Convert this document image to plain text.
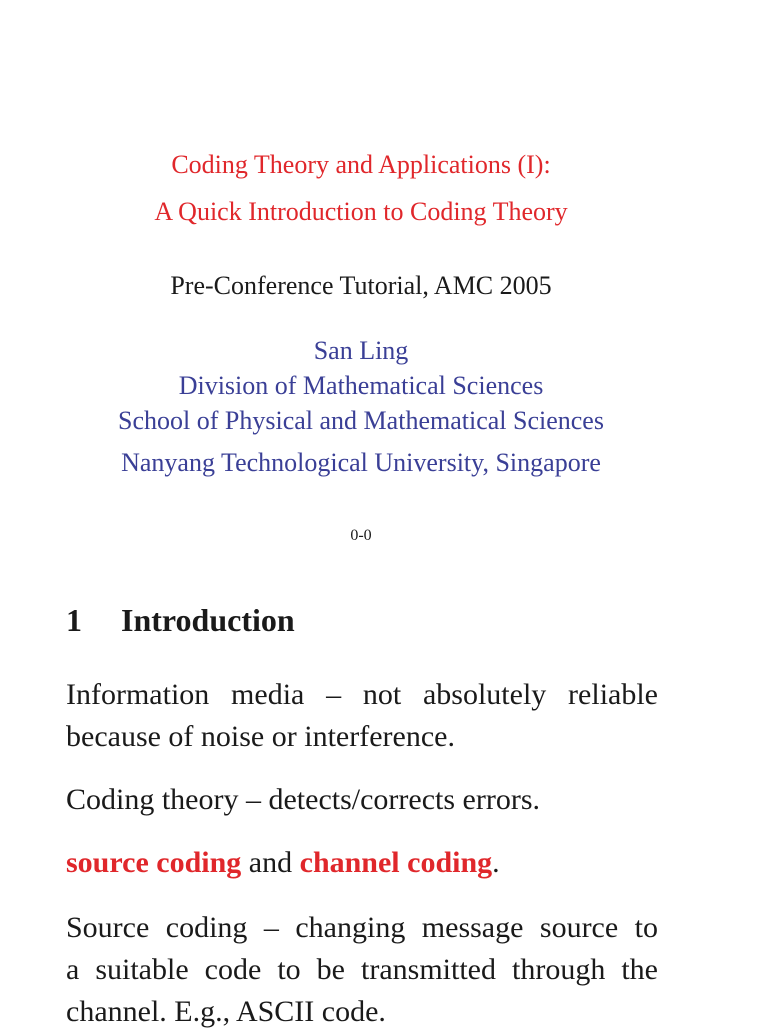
Coding Theory and Applications (I):
A Quick Introduction to Coding Theory
Pre-Conference Tutorial, AMC 2005
San Ling
Division of Mathematical Sciences
School of Physical and Mathematical Sciences
Nanyang Technological University, Singapore
0-0
1 Introduction
Information media – not absolutely reliable
because of noise or interference.
Coding theory – detects/corrects errors.
source coding and channel coding.
Source coding – changing message source to
a suitable code to be transmitted through the
channel. E.g., ASCII code.
